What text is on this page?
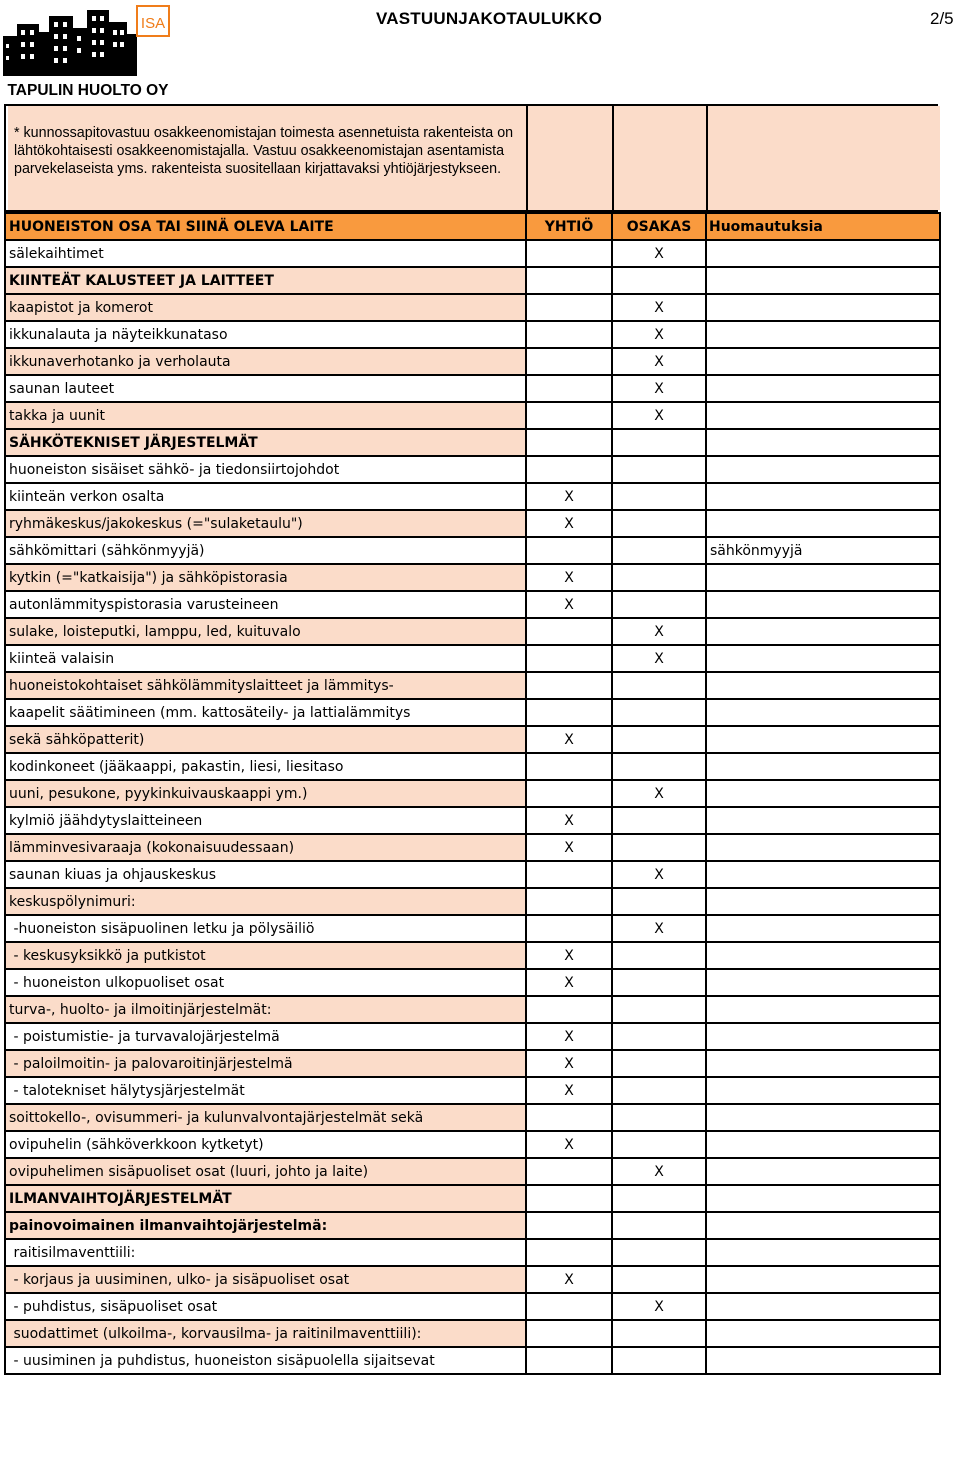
ISA
TAPULIN HUOLTO OY
VASTUUNJAKOTAULUKKO	2/5
* kunnossapitovastuu osakkeenomistajan toimesta asennetuista rakenteista on lähtökohtaisesti osakkeenomistajalla. Vastuu osakkeenomistajan asentamista parvekelaseista yms. rakenteista suositellaan kirjattavaksi yhtiöjärjestykseen.
HUONEISTON OSA TAI SIINÄ OLEVA LAITE	YHTIÖ	OSAKAS	Huomautuksia
sälekaihtimet		X	
KIINTEÄT KALUSTEET JA LAITTEET			
kaapistot ja komerot		X	
ikkunalauta ja näyteikkunataso		X	
ikkunaverhotanko ja verholauta		X	
saunan lauteet		X	
takka ja uunit		X	
SÄHKÖTEKNISET JÄRJESTELMÄT			
huoneiston sisäiset sähkö- ja tiedonsiirtojohdot			
kiinteän verkon osalta	X		
ryhmäkeskus/jakokeskus (="sulaketaulu")	X		
sähkömittari (sähkönmyyjä)			sähkönmyyjä
kytkin (="katkaisija") ja sähköpistorasia	X		
autonlämmityspistorasia varusteineen	X		
sulake, loisteputki, lamppu, led, kuituvalo		X	
kiinteä valaisin		X	
huoneistokohtaiset sähkölämmityslaitteet ja lämmitys-			
kaapelit säätimineen (mm. kattosäteily- ja lattialämmitys			
sekä sähköpatterit)	X		
kodinkoneet (jääkaappi, pakastin, liesi, liesitaso			
uuni, pesukone, pyykinkuivauskaappi ym.)		X	
kylmiö jäähdytyslaitteineen	X		
lämminvesivaraaja (kokonaisuudessaan)	X		
saunan kiuas ja ohjauskeskus		X	
keskuspölynimuri:			
-huoneiston sisäpuolinen letku ja pölysäiliö		X	
- keskusyksikkö ja putkistot	X		
- huoneiston ulkopuoliset osat	X		
turva-, huolto- ja ilmoitinjärjestelmät:			
- poistumistie- ja turvavalojärjestelmä	X		
- paloilmoitin- ja palovaroitinjärjestelmä	X		
- talotekniset hälytysjärjestelmät	X		
soittokello-, ovisummeri- ja kulunvalvontajärjestelmät sekä			
ovipuhelin (sähköverkkoon kytketyt)	X		
ovipuhelimen sisäpuoliset osat (luuri, johto ja laite)		X	
ILMANVAIHTOJÄRJESTELMÄT			
painovoimainen ilmanvaihtojärjestelmä:			
raitisilmaventtiili:			
- korjaus ja uusiminen, ulko- ja sisäpuoliset osat	X		
- puhdistus, sisäpuoliset osat		X	
suodattimet (ulkoilma-, korvausilma- ja raitinilmaventtiili):			
- uusiminen ja puhdistus, huoneiston sisäpuolella sijaitsevat			
